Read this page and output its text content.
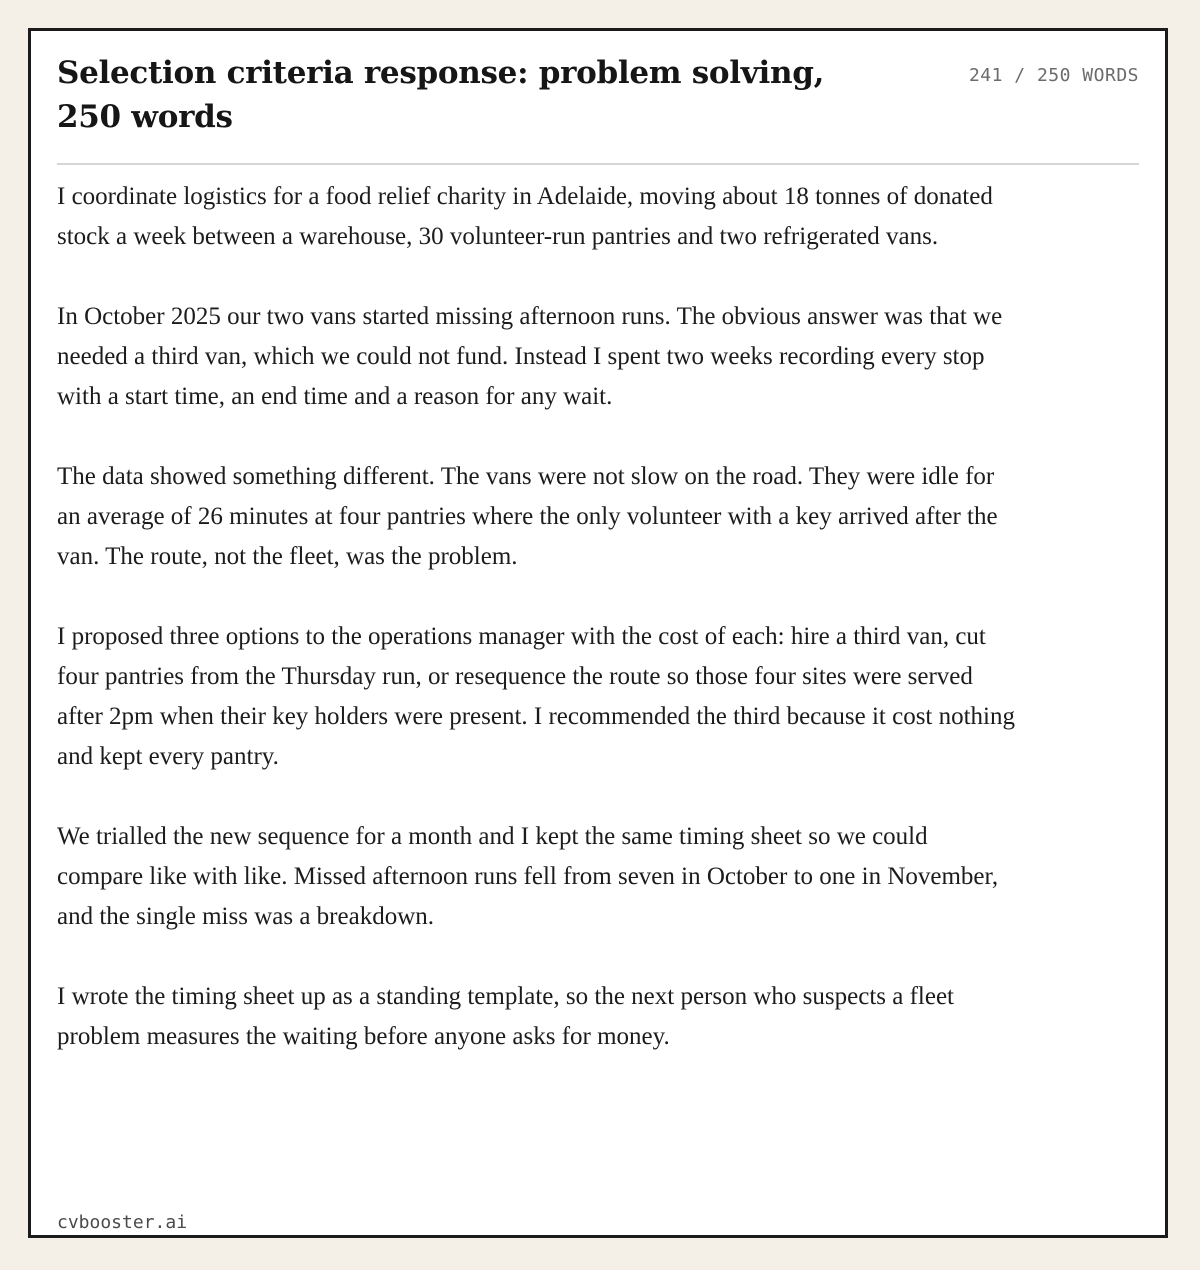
Selection criteria response: problem solving, 250 words
241 / 250 WORDS

I coordinate logistics for a food relief charity in Adelaide, moving about 18 tonnes of donated stock a week between a warehouse, 30 volunteer-run pantries and two refrigerated vans.

In October 2025 our two vans started missing afternoon runs. The obvious answer was that we needed a third van, which we could not fund. Instead I spent two weeks recording every stop with a start time, an end time and a reason for any wait.

The data showed something different. The vans were not slow on the road. They were idle for an average of 26 minutes at four pantries where the only volunteer with a key arrived after the van. The route, not the fleet, was the problem.

I proposed three options to the operations manager with the cost of each: hire a third van, cut four pantries from the Thursday run, or resequence the route so those four sites were served after 2pm when their key holders were present. I recommended the third because it cost nothing and kept every pantry.

We trialled the new sequence for a month and I kept the same timing sheet so we could compare like with like. Missed afternoon runs fell from seven in October to one in November, and the single miss was a breakdown.

I wrote the timing sheet up as a standing template, so the next person who suspects a fleet problem measures the waiting before anyone asks for money.

cvbooster.ai
